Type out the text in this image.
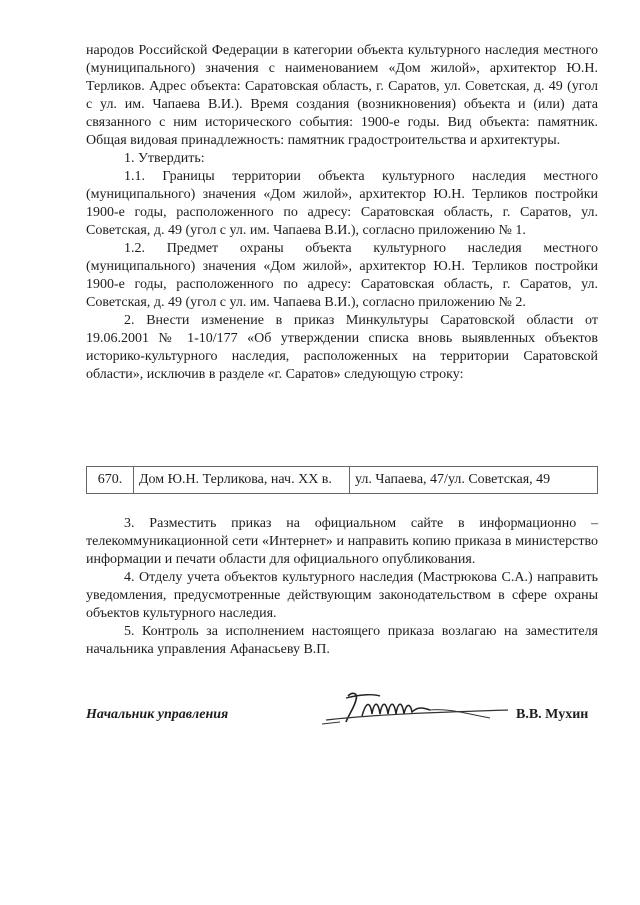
народов Российской Федерации в категории объекта культурного наследия местного (муниципального) значения с наименованием «Дом жилой», архитектор Ю.Н. Терликов. Адрес объекта: Саратовская область, г. Саратов, ул. Советская, д. 49 (угол с ул. им. Чапаева В.И.). Время создания (возникновения) объекта и (или) дата связанного с ним исторического события: 1900-е годы. Вид объекта: памятник. Общая видовая принадлежность: памятник градостроительства и архитектуры.

1. Утвердить:

1.1. Границы территории объекта культурного наследия местного (муниципального) значения «Дом жилой», архитектор Ю.Н. Терликов постройки 1900-е годы, расположенного по адресу: Саратовская область, г. Саратов, ул. Советская, д. 49 (угол с ул. им. Чапаева В.И.), согласно приложению № 1.

1.2. Предмет охраны объекта культурного наследия местного (муниципального) значения «Дом жилой», архитектор Ю.Н. Терликов постройки 1900-е годы, расположенного по адресу: Саратовская область, г. Саратов, ул. Советская, д. 49 (угол с ул. им. Чапаева В.И.), согласно приложению № 2.

2. Внести изменение в приказ Минкультуры Саратовской области от 19.06.2001 № 1-10/177 «Об утверждении списка вновь выявленных объектов историко-культурного наследия, расположенных на территории Саратовской области», исключив в разделе «г. Саратов» следующую строку:

670.	Дом Ю.Н. Терликова, нач. XX в.	ул. Чапаева, 47/ул. Советская, 49

3. Разместить приказ на официальном сайте в информационно – телекоммуникационной сети «Интернет» и направить копию приказа в министерство информации и печати области для официального опубликования.

4. Отделу учета объектов культурного наследия (Мастрюкова С.А.) направить уведомления, предусмотренные действующим законодательством в сфере охраны объектов культурного наследия.

5. Контроль за исполнением настоящего приказа возлагаю на заместителя начальника управления Афанасьеву В.П.

Начальник управления	В.В. Мухин
